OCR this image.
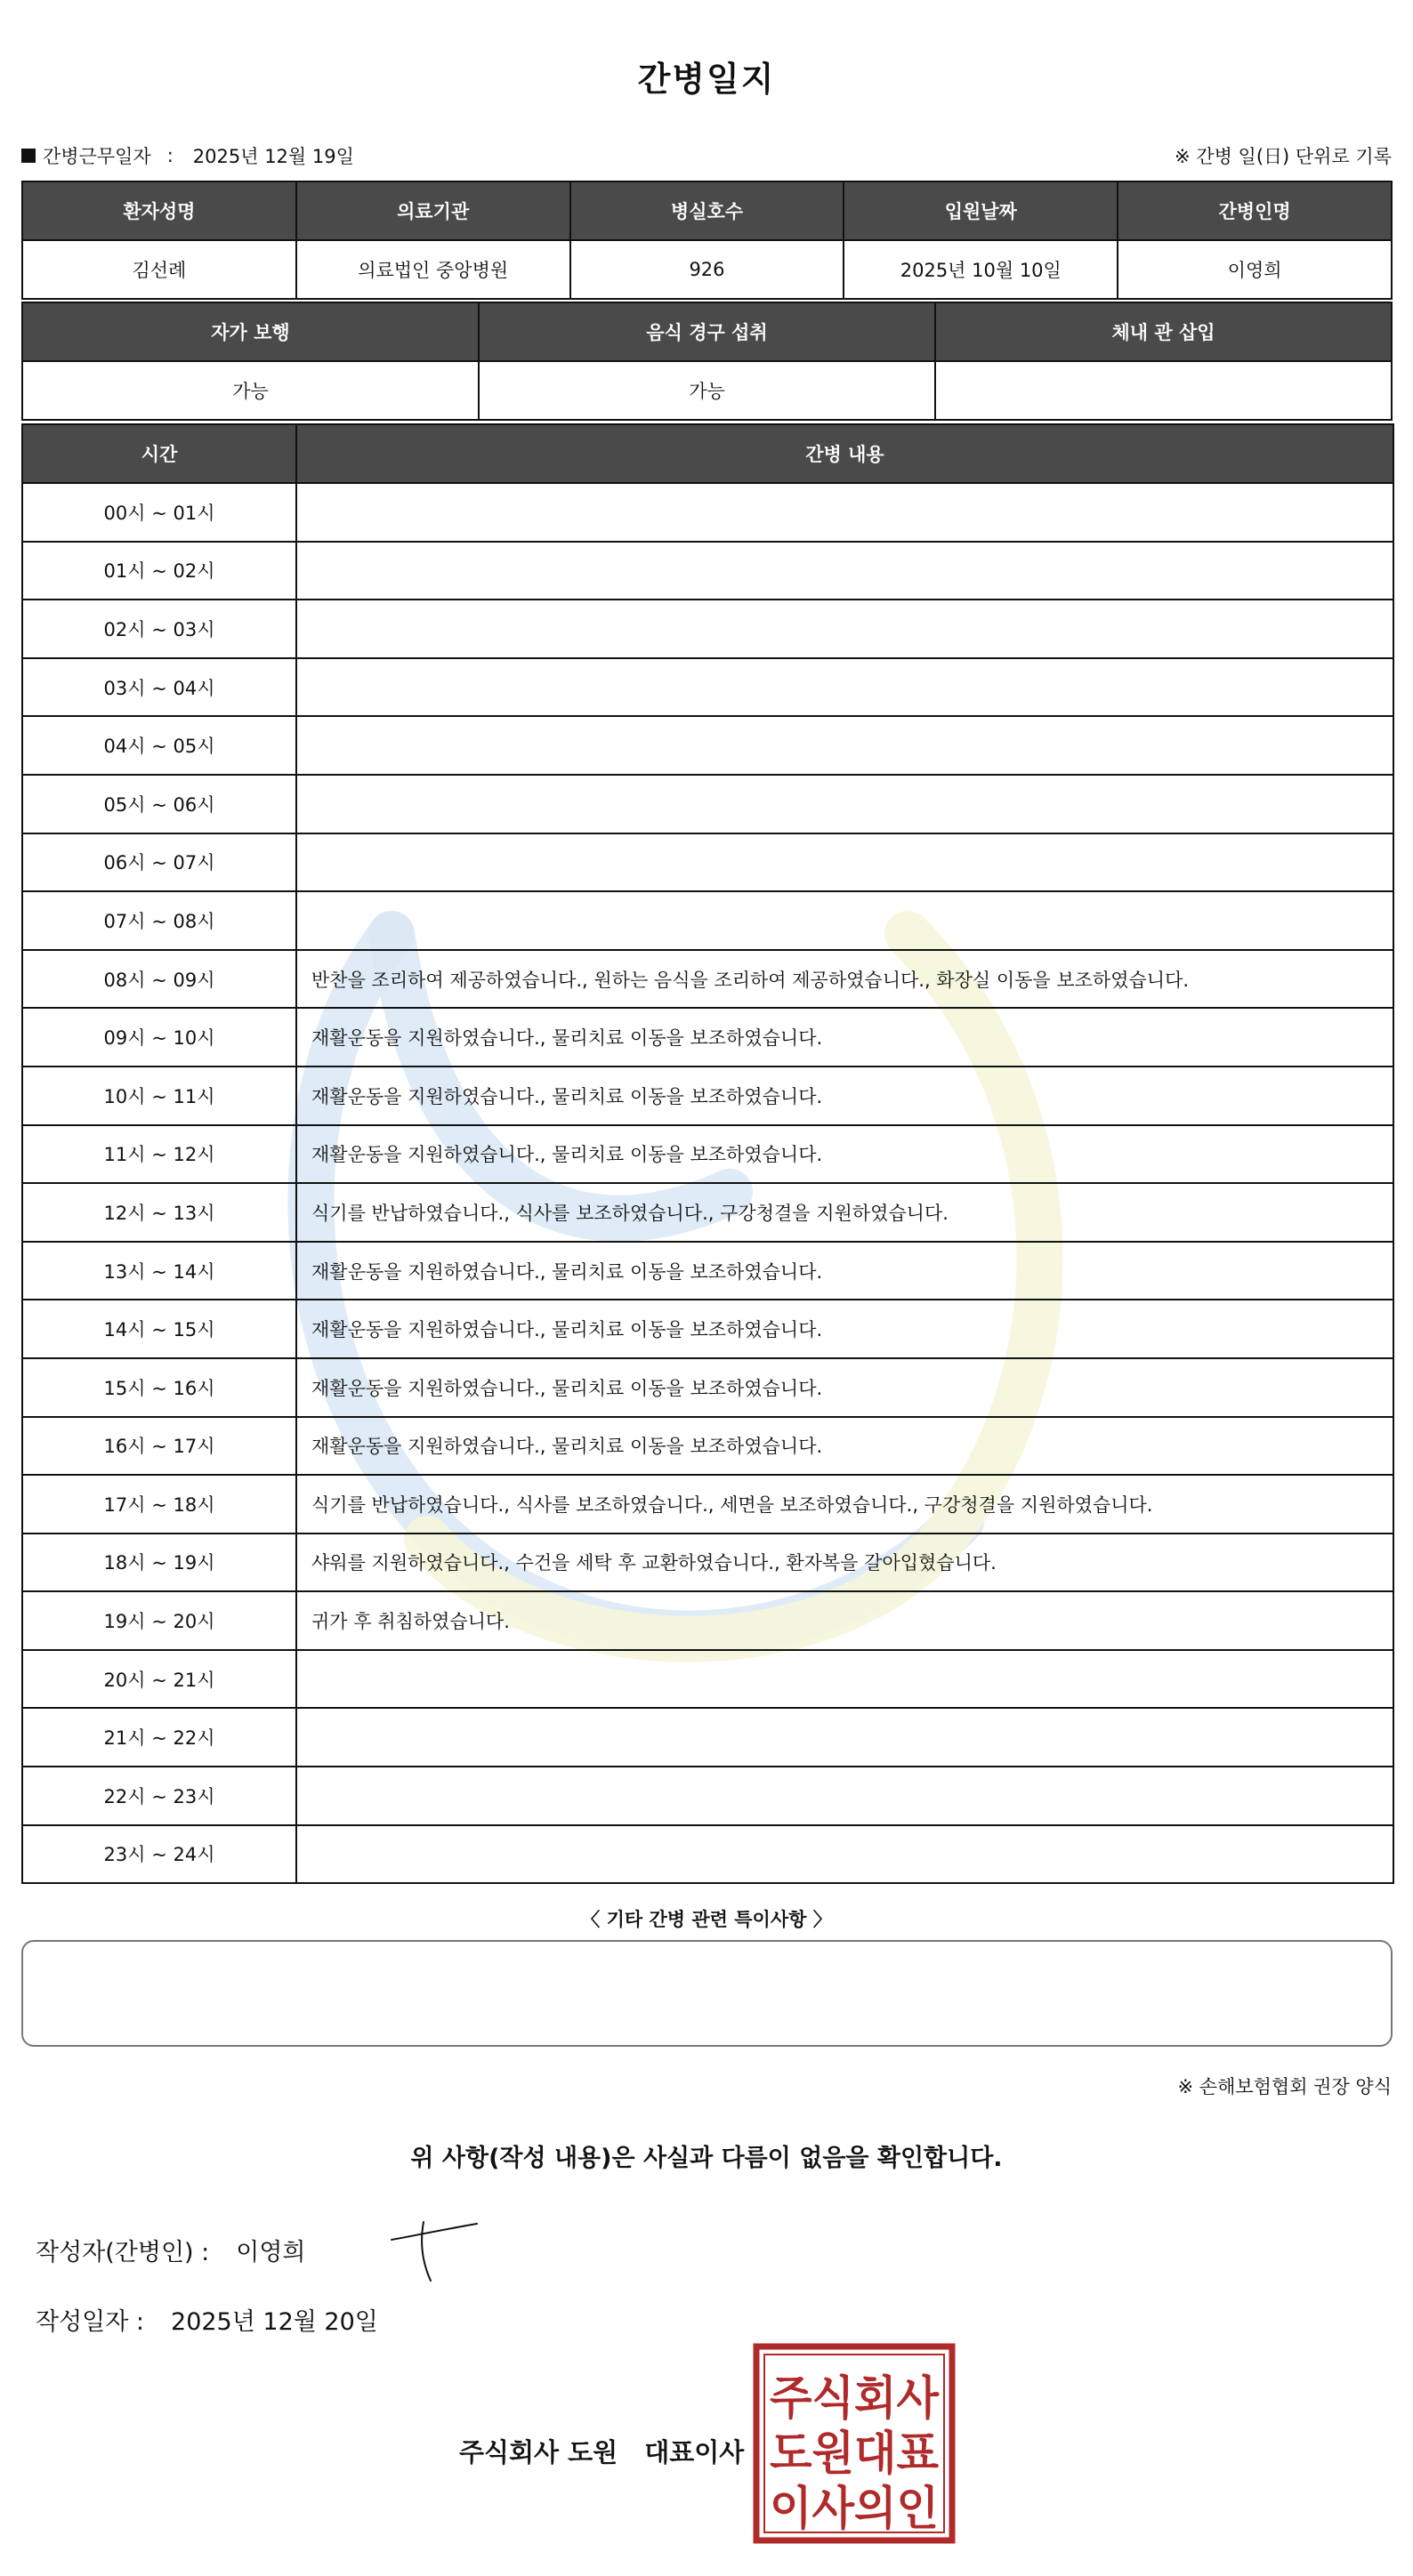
간병일지
간병근무일자 : 2025년 12월 19일	※ 간병 일(日) 단위로 기록
환자성명	의료기관	병실호수	입원날짜	간병인명
김선례	의료법인 중앙병원	926	2025년 10월 10일	이영희
자가 보행	음식 경구 섭취	체내 관 삽입
가능	가능	
시간	간병 내용
00시 ~ 01시	
01시 ~ 02시	
02시 ~ 03시	
03시 ~ 04시	
04시 ~ 05시	
05시 ~ 06시	
06시 ~ 07시	
07시 ~ 08시	
08시 ~ 09시	반찬을 조리하여 제공하였습니다., 원하는 음식을 조리하여 제공하였습니다., 화장실 이동을 보조하였습니다.
09시 ~ 10시	재활운동을 지원하였습니다., 물리치료 이동을 보조하였습니다.
10시 ~ 11시	재활운동을 지원하였습니다., 물리치료 이동을 보조하였습니다.
11시 ~ 12시	재활운동을 지원하였습니다., 물리치료 이동을 보조하였습니다.
12시 ~ 13시	식기를 반납하였습니다., 식사를 보조하였습니다., 구강청결을 지원하였습니다.
13시 ~ 14시	재활운동을 지원하였습니다., 물리치료 이동을 보조하였습니다.
14시 ~ 15시	재활운동을 지원하였습니다., 물리치료 이동을 보조하였습니다.
15시 ~ 16시	재활운동을 지원하였습니다., 물리치료 이동을 보조하였습니다.
16시 ~ 17시	재활운동을 지원하였습니다., 물리치료 이동을 보조하였습니다.
17시 ~ 18시	식기를 반납하였습니다., 식사를 보조하였습니다., 세면을 보조하였습니다., 구강청결을 지원하였습니다.
18시 ~ 19시	샤워를 지원하였습니다., 수건을 세탁 후 교환하였습니다., 환자복을 갈아입혔습니다.
19시 ~ 20시	귀가 후 취침하였습니다.
20시 ~ 21시	
21시 ~ 22시	
22시 ~ 23시	
23시 ~ 24시	
〈 기타 간병 관련 특이사항 〉
※ 손해보험협회 권장 양식
위 사항(작성 내용)은 사실과 다름이 없음을 확인합니다.
작성자(간병인) : 이영희
작성일자 : 2025년 12월 20일
주식회사 도원 대표이사
주식회사
도원대표
이사의인
